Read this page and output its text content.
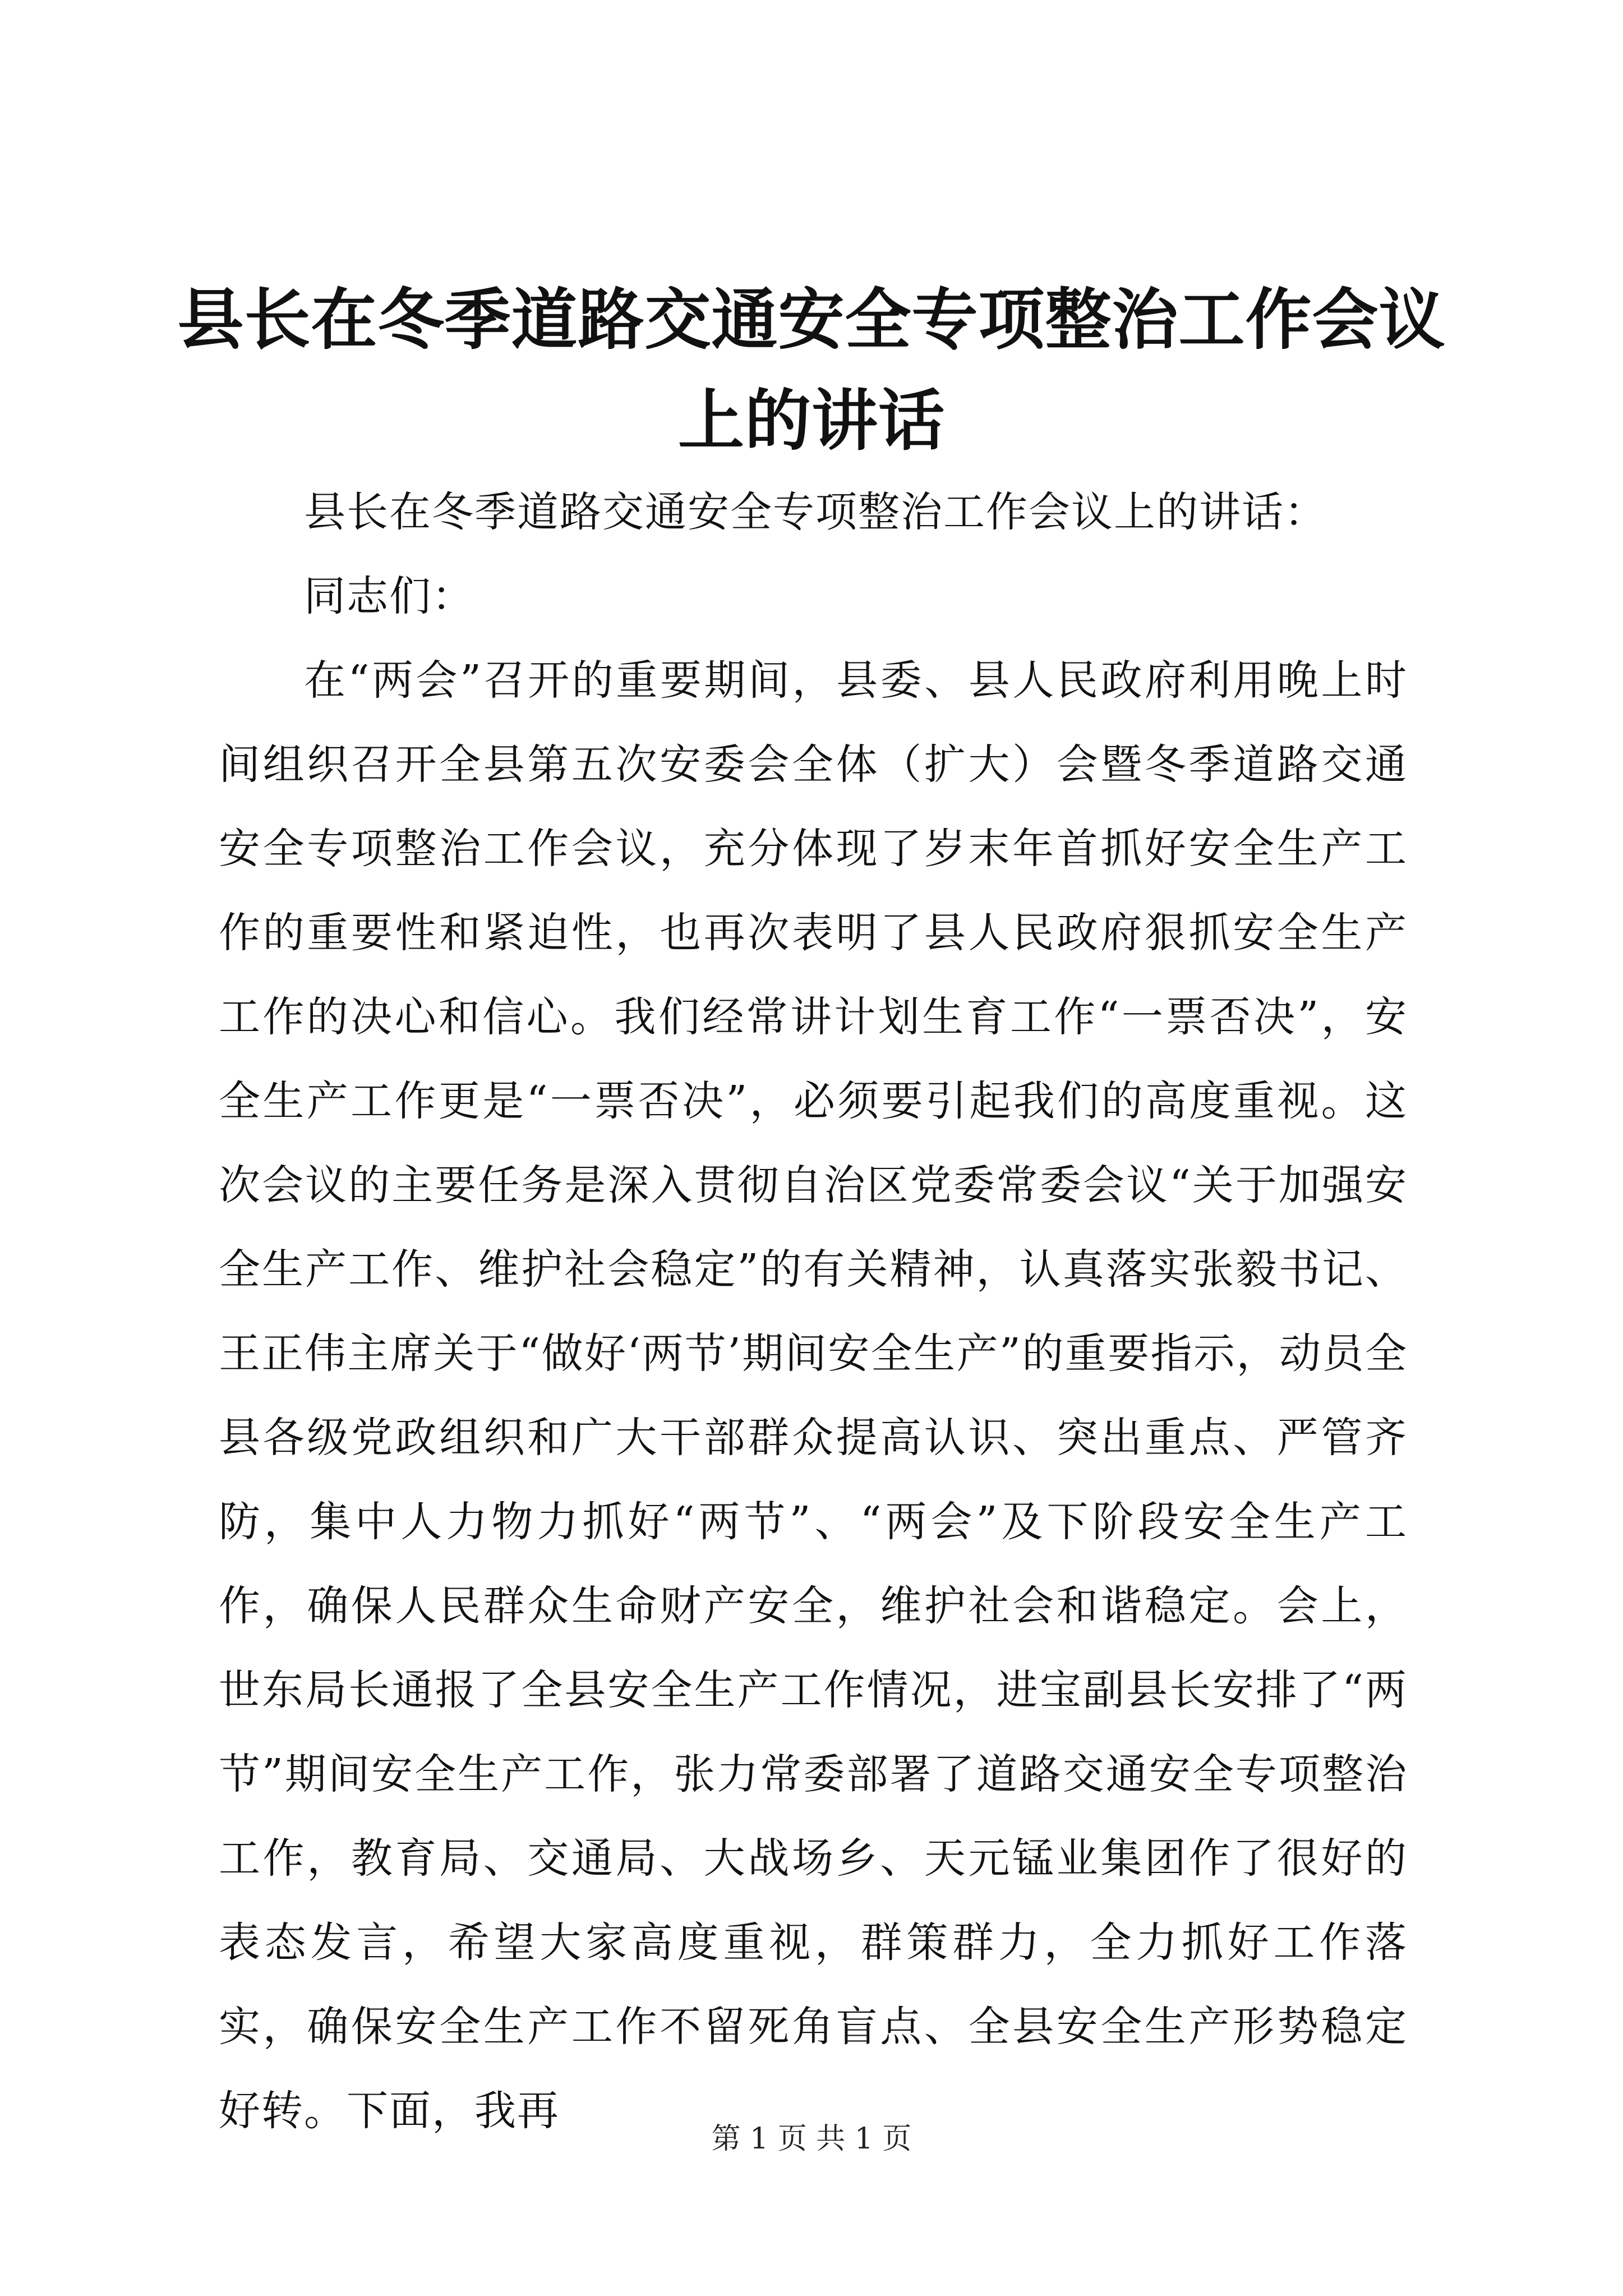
县长在冬季道路交通安全专项整治工作会议上的讲话

县长在冬季道路交通安全专项整治工作会议上的讲话：

同志们：

在“两会”召开的重要期间，县委、县人民政府利用晚上时间组织召开全县第五次安委会全体（扩大）会暨冬季道路交通安全专项整治工作会议，充分体现了岁末年首抓好安全生产工作的重要性和紧迫性，也再次表明了县人民政府狠抓安全生产工作的决心和信心。我们经常讲计划生育工作“一票否决”，安全生产工作更是“一票否决”，必须要引起我们的高度重视。这次会议的主要任务是深入贯彻自治区党委常委会议“关于加强安全生产工作、维护社会稳定”的有关精神，认真落实张毅书记、王正伟主席关于“做好‘两节’期间安全生产”的重要指示，动员全县各级党政组织和广大干部群众提高认识、突出重点、严管齐防，集中人力物力抓好“两节”、“两会”及下阶段安全生产工作，确保人民群众生命财产安全，维护社会和谐稳定。会上，世东局长通报了全县安全生产工作情况，进宝副县长安排了“两节”期间安全生产工作，张力常委部署了道路交通安全专项整治工作，教育局、交通局、大战场乡、天元锰业集团作了很好的表态发言，希望大家高度重视，群策群力，全力抓好工作落实，确保安全生产工作不留死角盲点、全县安全生产形势稳定好转。下面，我再

第 1 页 共 1 页
